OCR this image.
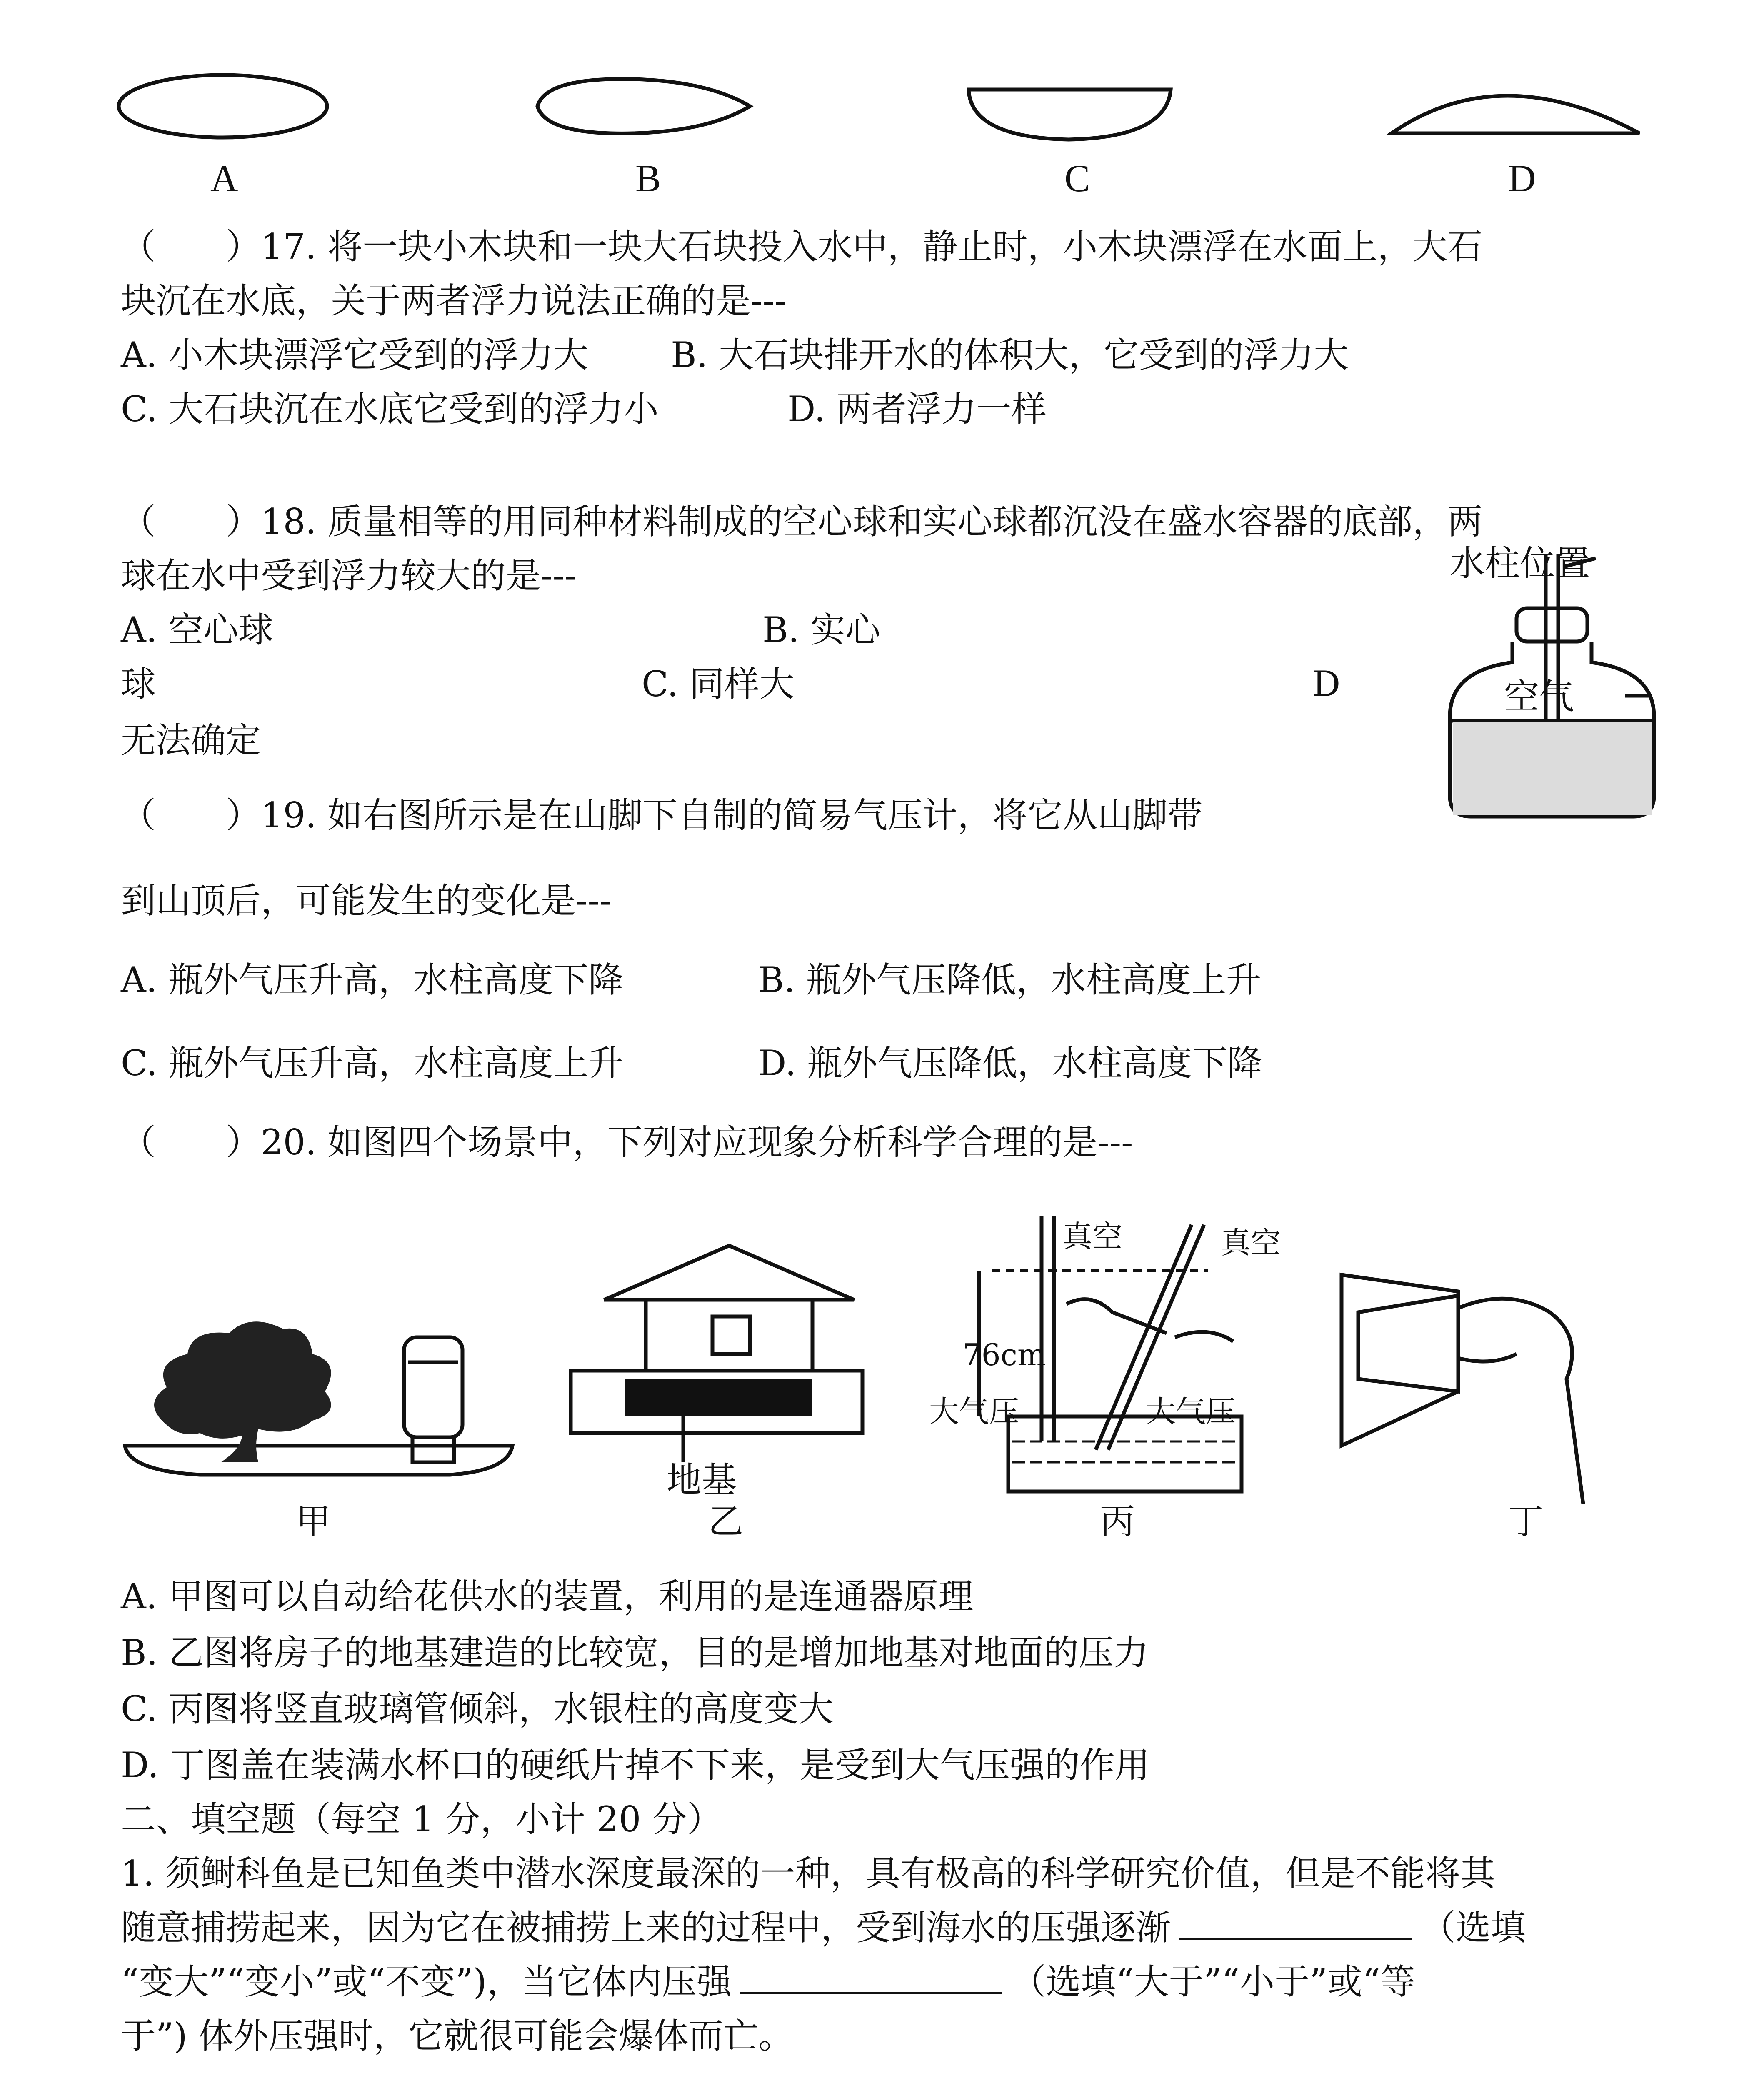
A	B	C	D
（　　）17. 将一块小木块和一块大石块投入水中，静止时，小木块漂浮在水面上，大石
块沉在水底，关于两者浮力说法正确的是---
A. 小木块漂浮它受到的浮力大 B. 大石块排开水的体积大，它受到的浮力大
C. 大石块沉在水底它受到的浮力小	D. 两者浮力一样
（　　）18. 质量相等的用同种材料制成的空心球和实心球都沉没在盛水容器的底部，两
球在水中受到浮力较大的是---
A. 空心球	B. 实心
球	C. 同样大	D
无法确定
水柱位置
空气
（　　）19. 如右图所示是在山脚下自制的简易气压计，将它从山脚带
到山顶后，可能发生的变化是---
A. 瓶外气压升高，水柱高度下降	B. 瓶外气压降低，水柱高度上升
C. 瓶外气压升高，水柱高度上升	D. 瓶外气压降低，水柱高度下降
（　　）20. 如图四个场景中，下列对应现象分析科学合理的是---
甲
地基
乙
真空	真空
76cm
大气压	大气压
丙	丁
A. 甲图可以自动给花供水的装置，利用的是连通器原理
B. 乙图将房子的地基建造的比较宽，目的是增加地基对地面的压力
C. 丙图将竖直玻璃管倾斜，水银柱的高度变大
D. 丁图盖在装满水杯口的硬纸片掉不下来，是受到大气压强的作用
二、填空题（每空 1 分，小计 20 分）
1. 须鲥科鱼是已知鱼类中潜水深度最深的一种，具有极高的科学研究价值，但是不能将其
随意捕捞起来，因为它在被捕捞上来的过程中，受到海水的压强逐渐	（选填
“变大”“变小”或“不变”)，当它体内压强	（选填“大于”“小于”或“等
于”) 体外压强时，它就很可能会爆体而亡。
